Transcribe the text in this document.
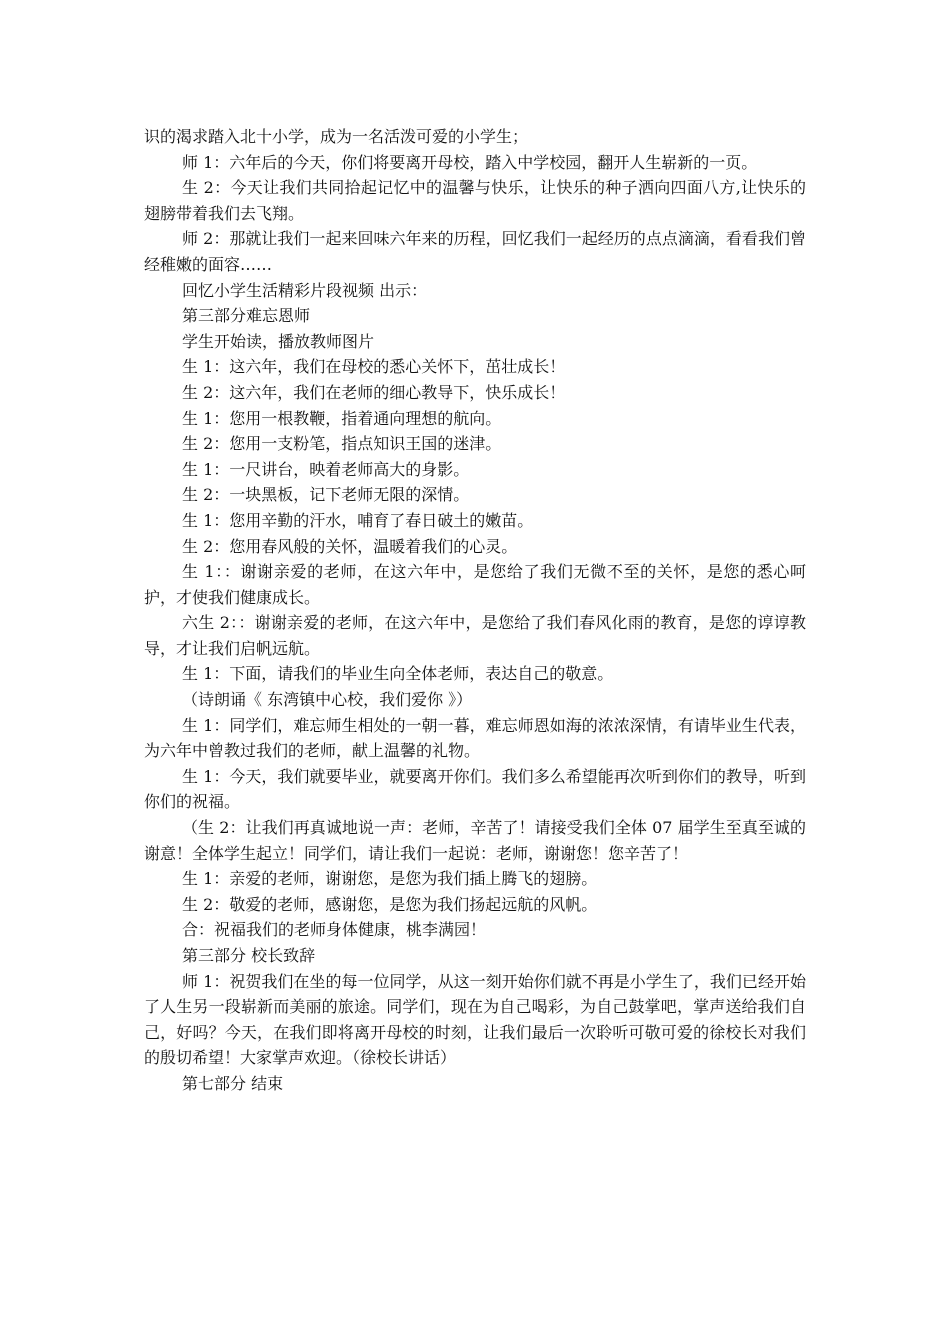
识的渴求踏入北十小学，成为一名活泼可爱的小学生；

师 1：六年后的今天，你们将要离开母校，踏入中学校园，翻开人生崭新的一页。

生 2：今天让我们共同拾起记忆中的温馨与快乐，让快乐的种子洒向四面八方,让快乐的翅膀带着我们去飞翔。

师 2：那就让我们一起来回味六年来的历程，回忆我们一起经历的点点滴滴，看看我们曾经稚嫩的面容……

回忆小学生活精彩片段视频 出示：

第三部分难忘恩师

学生开始读，播放教师图片

生 1：这六年，我们在母校的悉心关怀下，茁壮成长！

生 2：这六年，我们在老师的细心教导下，快乐成长！

生 1：您用一根教鞭，指着通向理想的航向。

生 2：您用一支粉笔，指点知识王国的迷津。

生 1：一尺讲台，映着老师高大的身影。

生 2：一块黑板，记下老师无限的深情。

生 1：您用辛勤的汗水，哺育了春日破土的嫩苗。

生 2：您用春风般的关怀，温暖着我们的心灵。

生 1：：谢谢亲爱的老师，在这六年中，是您给了我们无微不至的关怀，是您的悉心呵护，才使我们健康成长。

六生 2：：谢谢亲爱的老师，在这六年中，是您给了我们春风化雨的教育，是您的谆谆教导，才让我们启帆远航。

生 1：下面，请我们的毕业生向全体老师，表达自己的敬意。

（诗朗诵《 东湾镇中心校，我们爱你 》）

生 1：同学们，难忘师生相处的一朝一暮，难忘师恩如海的浓浓深情，有请毕业生代表，为六年中曾教过我们的老师，献上温馨的礼物。

生 1：今天，我们就要毕业，就要离开你们。我们多么希望能再次听到你们的教导，听到你们的祝福。

（生 2：让我们再真诚地说一声：老师，辛苦了！请接受我们全体 07 届学生至真至诚的谢意！全体学生起立！同学们，请让我们一起说：老师，谢谢您！您辛苦了！

生 1：亲爱的老师，谢谢您，是您为我们插上腾飞的翅膀。

生 2：敬爱的老师，感谢您，是您为我们扬起远航的风帆。

合：祝福我们的老师身体健康，桃李满园！

第三部分 校长致辞

师 1：祝贺我们在坐的每一位同学，从这一刻开始你们就不再是小学生了，我们已经开始了人生另一段崭新而美丽的旅途。同学们，现在为自己喝彩，为自己鼓掌吧，掌声送给我们自己，好吗？今天，在我们即将离开母校的时刻，让我们最后一次聆听可敬可爱的徐校长对我们的殷切希望！大家掌声欢迎。（徐校长讲话）

第七部分 结束
